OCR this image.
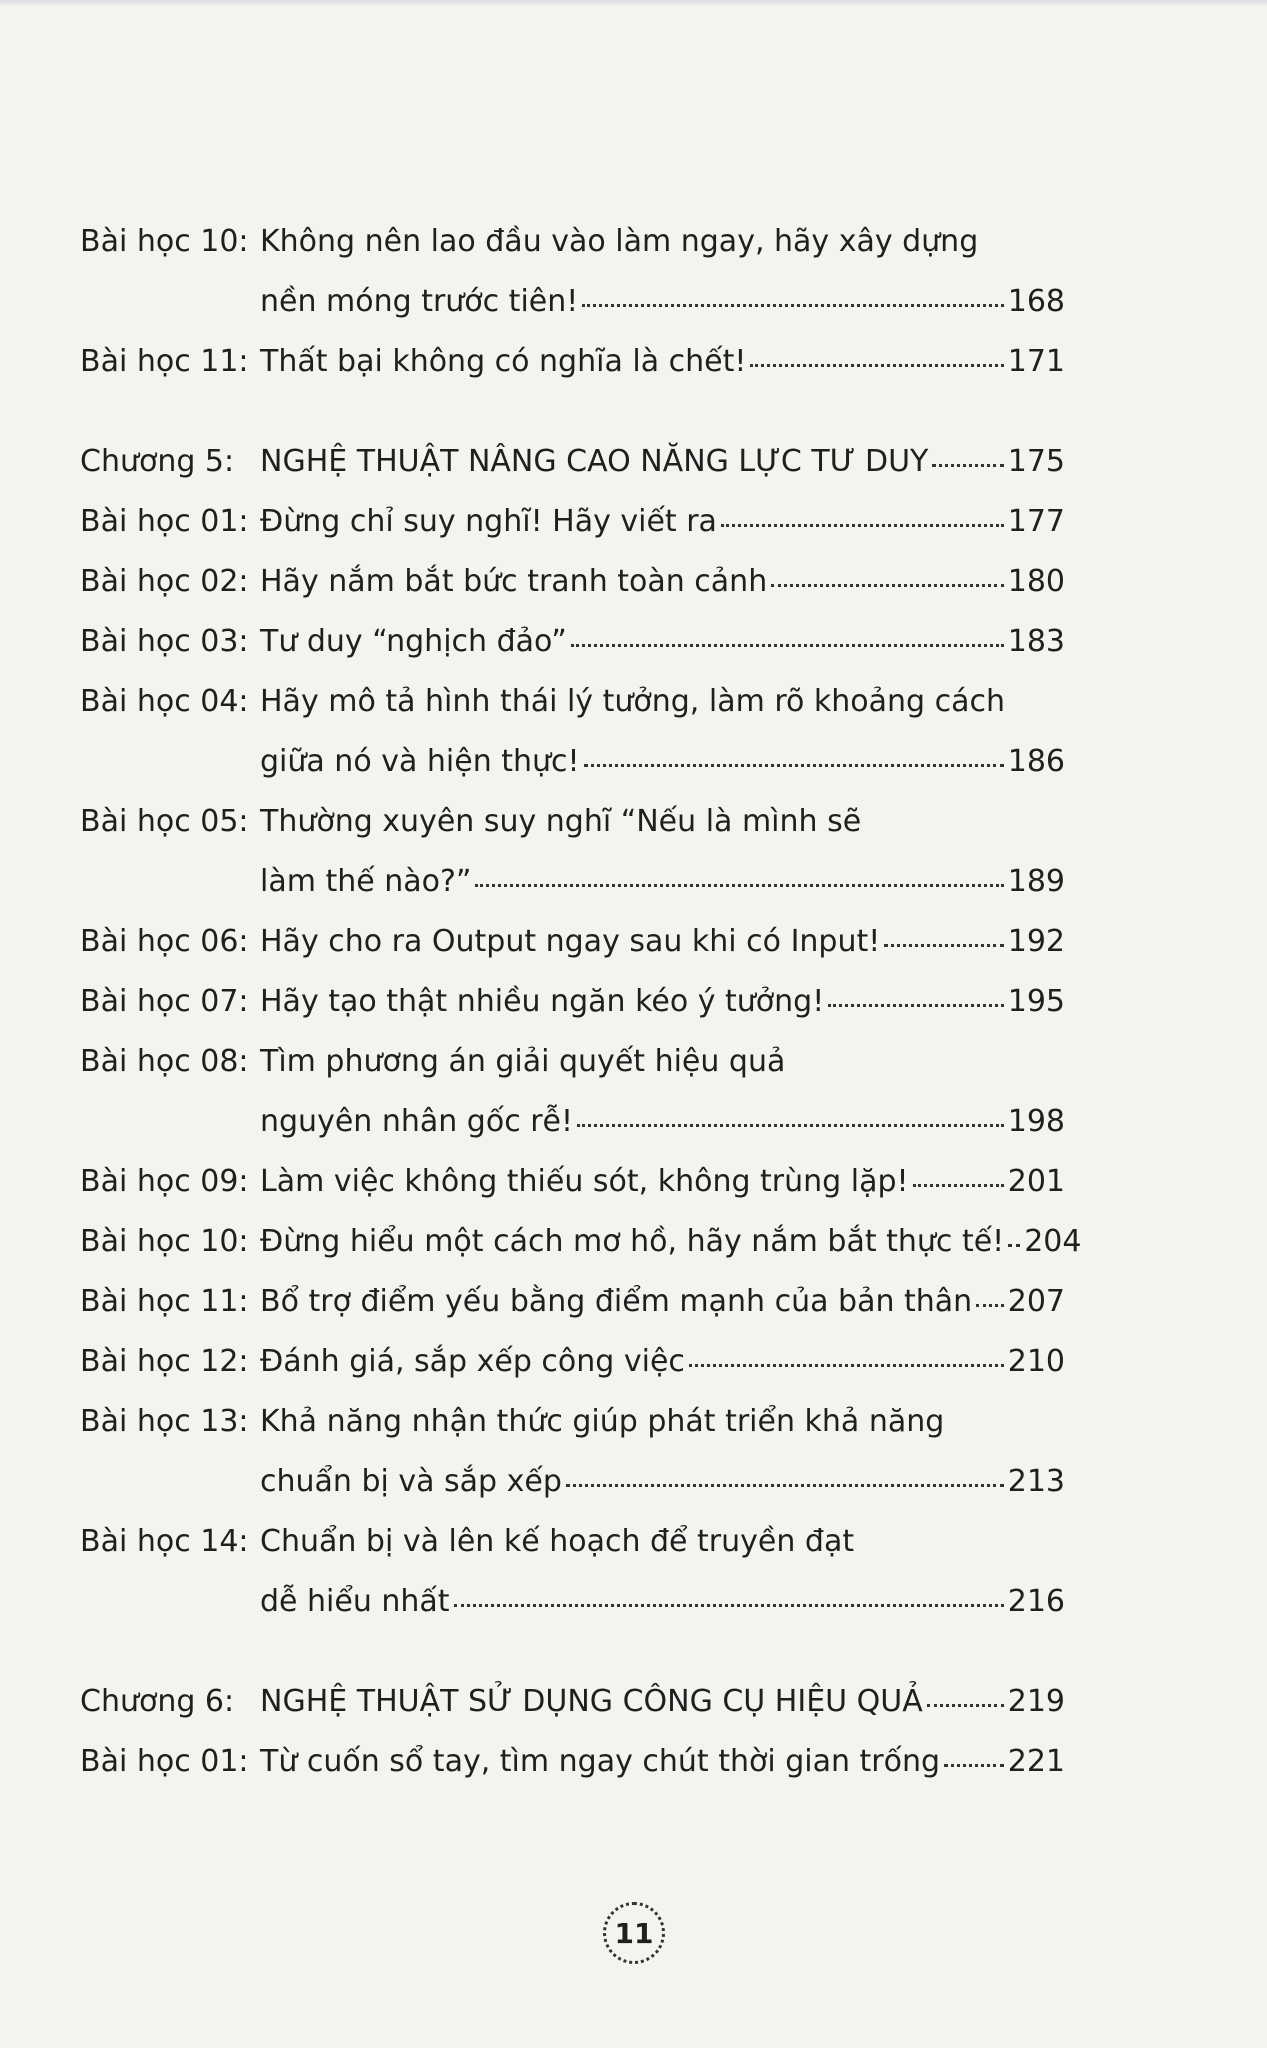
Bài học 10: Không nên lao đầu vào làm ngay, hãy xây dựng
nền móng trước tiên!	168
Bài học 11: Thất bại không có nghĩa là chết!	171
Chương 5: NGHỆ THUẬT NÂNG CAO NĂNG LỰC TƯ DUY	175
Bài học 01: Đừng chỉ suy nghĩ! Hãy viết ra	177
Bài học 02: Hãy nắm bắt bức tranh toàn cảnh	180
Bài học 03: Tư duy “nghịch đảo”	183
Bài học 04: Hãy mô tả hình thái lý tưởng, làm rõ khoảng cách
giữa nó và hiện thực!	186
Bài học 05: Thường xuyên suy nghĩ “Nếu là mình sẽ
làm thế nào?”	189
Bài học 06: Hãy cho ra Output ngay sau khi có Input!	192
Bài học 07: Hãy tạo thật nhiều ngăn kéo ý tưởng!	195
Bài học 08: Tìm phương án giải quyết hiệu quả
nguyên nhân gốc rễ!	198
Bài học 09: Làm việc không thiếu sót, không trùng lặp!	201
Bài học 10: Đừng hiểu một cách mơ hồ, hãy nắm bắt thực tế! 204
Bài học 11: Bổ trợ điểm yếu bằng điểm mạnh của bản thân 207
Bài học 12: Đánh giá, sắp xếp công việc	210
Bài học 13: Khả năng nhận thức giúp phát triển khả năng
chuẩn bị và sắp xếp	213
Bài học 14: Chuẩn bị và lên kế hoạch để truyền đạt
dễ hiểu nhất	216
Chương 6: NGHỆ THUẬT SỬ DỤNG CÔNG CỤ HIỆU QUẢ	219
Bài học 01: Từ cuốn sổ tay, tìm ngay chút thời gian trống 221
11
